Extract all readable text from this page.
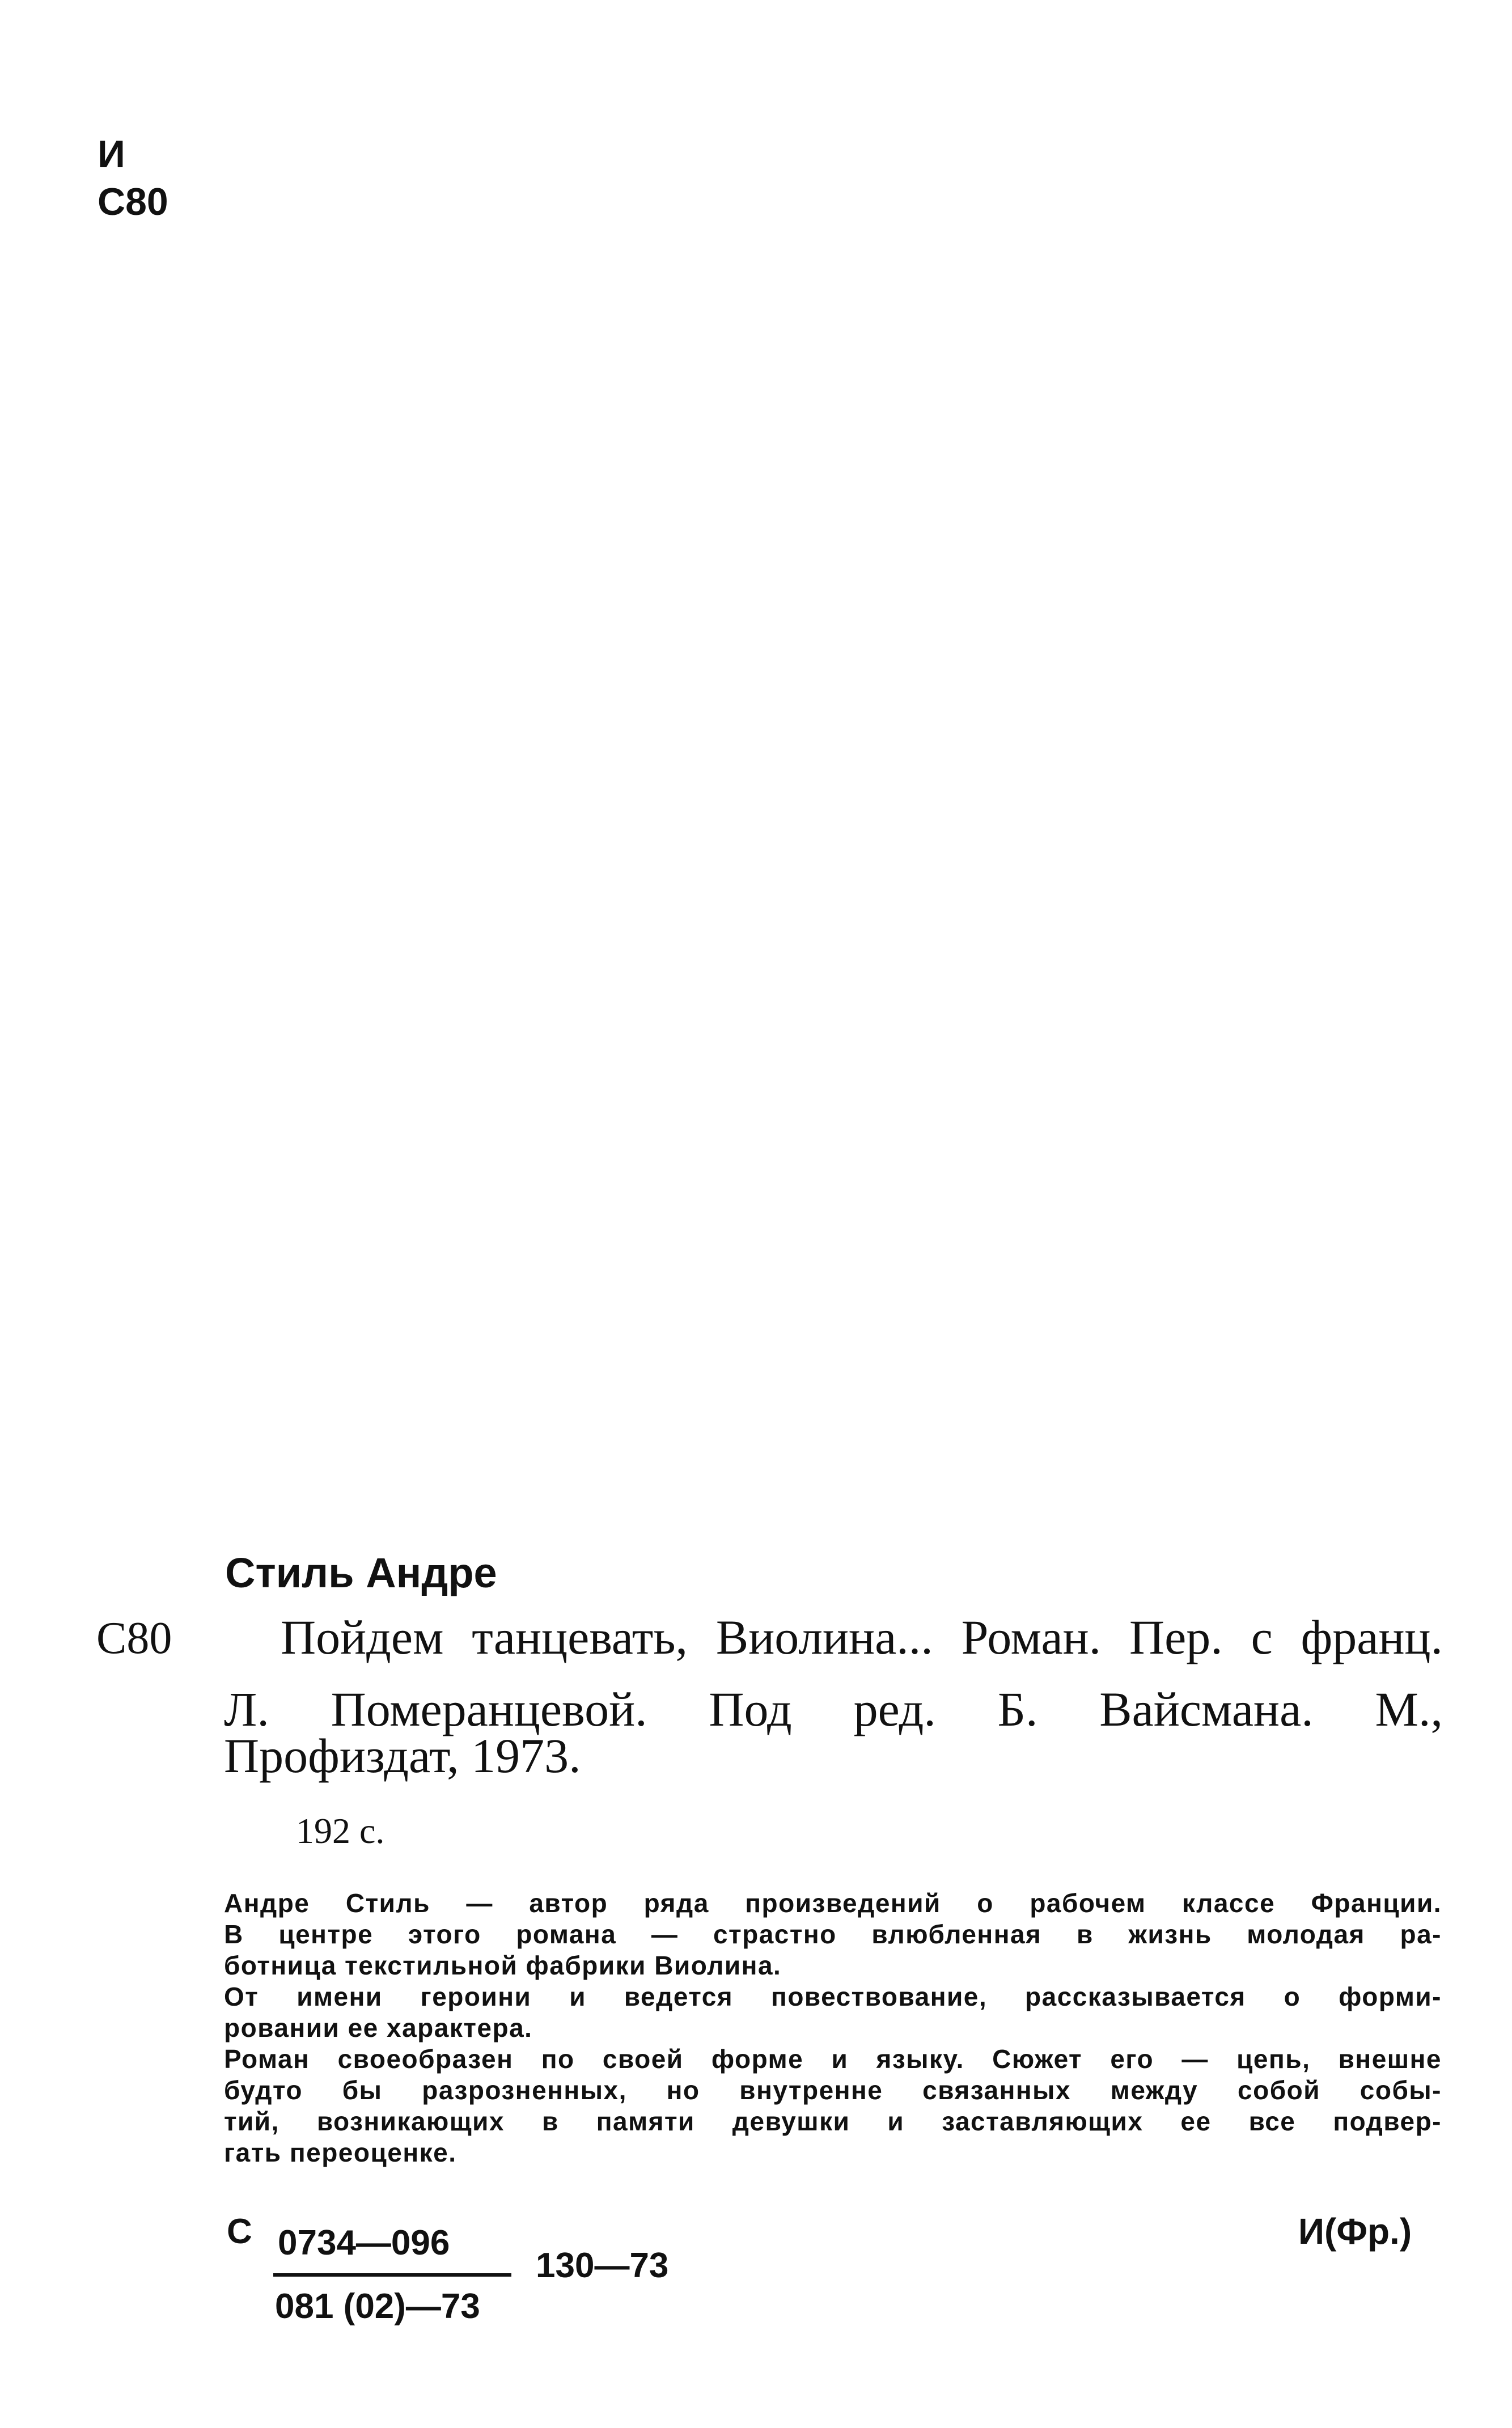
И
С80
Стиль Андре
С80 Пойдем танцевать, Виолина... Роман. Пер. с франц.
Л. Померанцевой. Под ред. Б. Вайсмана. М.,
Профиздат, 1973.
192 с.
Андре Стиль — автор ряда произведений о рабочем классе Франции.
В центре этого романа — страстно влюбленная в жизнь молодая ра-
ботница текстильной фабрики Виолина.
От имени героини и ведется повествование, рассказывается о форми-
ровании ее характера.
Роман своеобразен по своей форме и языку. Сюжет его — цепь, внешне
будто бы разрозненных, но внутренне связанных между собой собы-
тий, возникающих в памяти девушки и заставляющих ее все подвер-
гать переоценке.
С 0734—096
081 (02)—73
130—73
И(Фр.)
